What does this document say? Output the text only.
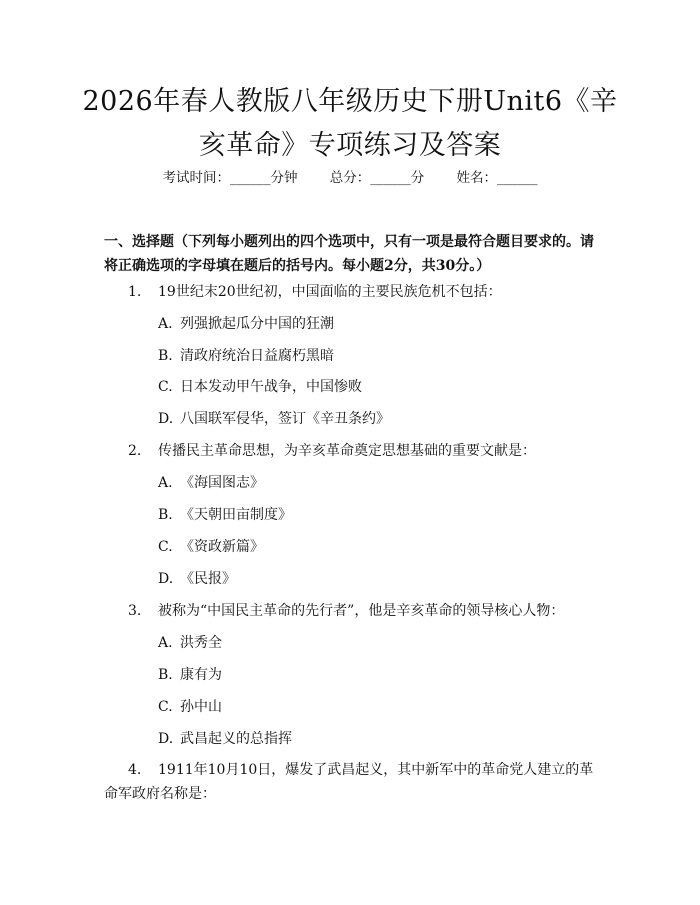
2026年春人教版八年级历史下册Unit6《辛亥革命》专项练习及答案
考试时间：______分钟 总分：______分 姓名：______
一、选择题（下列每小题列出的四个选项中，只有一项是最符合题目要求的。请将正确选项的字母填在题后的括号内。每小题2分，共30分。）
1. 19世纪末20世纪初，中国面临的主要民族危机不包括：
A. 列强掀起瓜分中国的狂潮
B. 清政府统治日益腐朽黑暗
C. 日本发动甲午战争，中国惨败
D. 八国联军侵华，签订《辛丑条约》
2. 传播民主革命思想，为辛亥革命奠定思想基础的重要文献是：
A. 《海国图志》
B. 《天朝田亩制度》
C. 《资政新篇》
D. 《民报》
3. 被称为“中国民主革命的先行者”，他是辛亥革命的领导核心人物：
A. 洪秀全
B. 康有为
C. 孙中山
D. 武昌起义的总指挥
4. 1911年10月10日，爆发了武昌起义，其中新军中的革命党人建立的革命军政府名称是：
